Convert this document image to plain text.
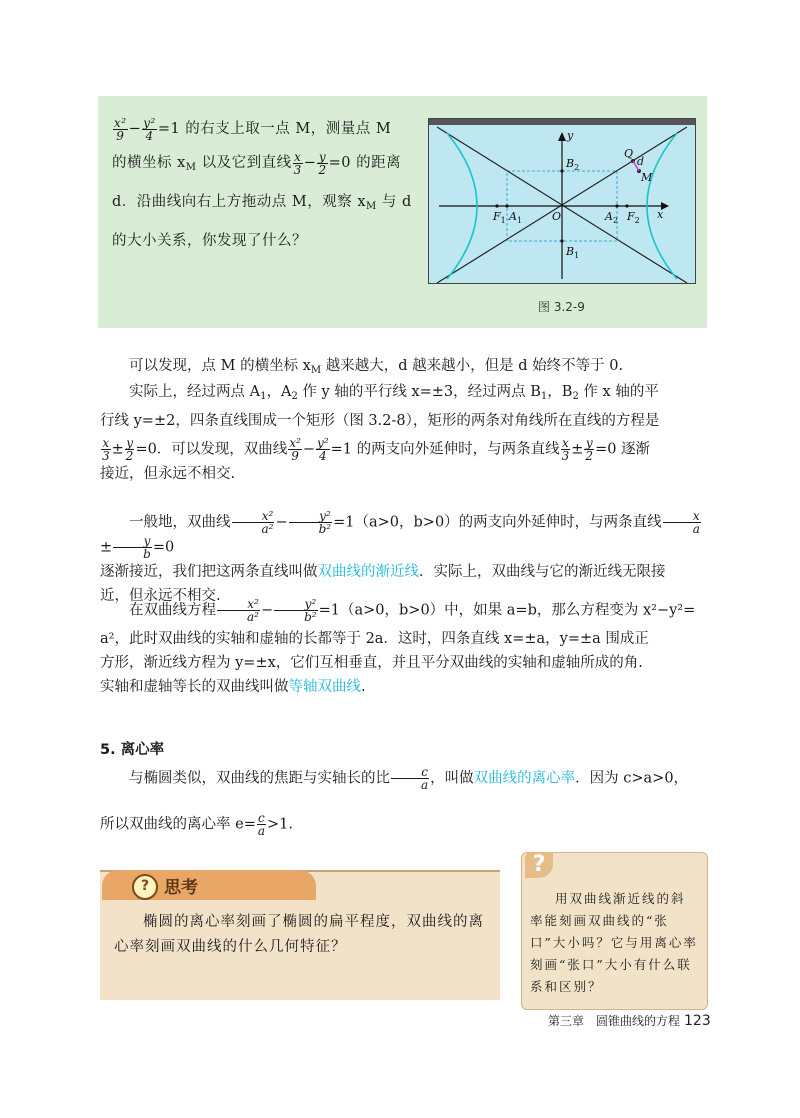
$\frac{\text{x²}}{9} - \frac{\text{y²}}{4} =1$ 的右支上取一点 M，测量点 M
的横坐标 $x_M$ 以及它到直线 $\frac{x}{3} - \frac{y}{2} =0$ 的距离
d．沿曲线向右上方拖动点 M，观察 $x_M$ 与 d
的大小关系，你发现了什么？
y
x
O
Q
d
M
$B_2$
$B_1$
$A_1$	$A_2$
$F_1$	$F_2$
图 3.2-9
可以发现，点 M 的横坐标 $x_M$ 越来越大，d 越来越小，但是 d 始终不等于 0.
实际上，经过两点 $A_1$，$A_2$ 作 y 轴的平行线 x=±3，经过两点 $B_1$，$B_2$ 作 x 轴的平
行线 y=±2，四条直线围成一个矩形（图 3.2-8），矩形的两条对角线所在直线的方程是
$\frac{x}{3} \pm \frac{y}{2} =0$．可以发现，双曲线 $\frac{\text{x²}}{9} - \frac{\text{y²}}{4} =1$ 的两支向外延伸时，与两条直线 $\frac{x}{3} \pm \frac{y}{2} =0$ 逐渐
接近，但永远不相交.
一般地，双曲线 $\frac{\text{x²}}{\text{a²}} - \frac{\text{y²}}{\text{b²}} =1(a>0$，b>0）的两支向外延伸时，与两条直线 $\frac{x}{a}$
± $\frac{y}{b} =0$
逐渐接近，我们把这两条直线叫做双曲线的渐近线．实际上，双曲线与它的渐近线无限接
近，但永远不相交.
在双曲线方程 $\frac{\text{x²}}{\text{a²}} - \frac{\text{y²}}{\text{b²}} =1(a>0$，b>0）中，如果 a=b，那么方程变为 x²−y²=
a²，此时双曲线的实轴和虚轴的长都等于 2a．这时，四条直线 x=±a，y=±a 围成正
方形，渐近线方程为 y=±x，它们互相垂直，并且平分双曲线的实轴和虚轴所成的角.
实轴和虚轴等长的双曲线叫做等轴双曲线.
5. 离心率
与椭圆类似，双曲线的焦距与实轴长的比 $\frac{c}{a}$ ，叫做双曲线的离心率．因为 c>a>0，
所以双曲线的离心率 $e= \frac{c}{a} >1$.
? 思考
椭圆的离心率刻画了椭圆的扁平程度，双曲线的离心率刻画双曲线的什么几何特征？
?
用双曲线渐近线的斜率能刻画双曲线的“张口”大小吗？它与用离心率刻画“张口”大小有什么联系和区别？
第三章　圆锥曲线的方程 123
